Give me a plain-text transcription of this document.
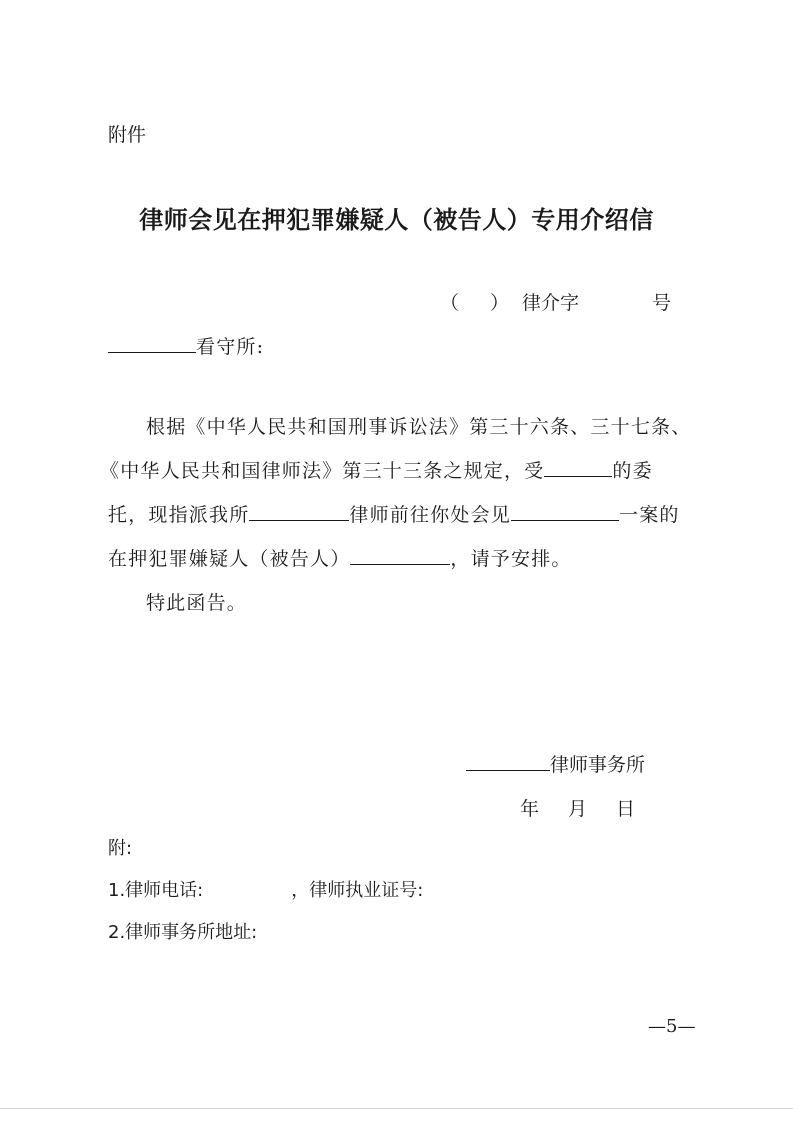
附件
律师会见在押犯罪嫌疑人（被告人）专用介绍信
（ ） 律介字	号
看守所:
根据《中华人民共和国刑事诉讼法》第三十六条、三十七条、
《中华人民共和国律师法》第三十三条之规定，受	的委
托，现指派我所	律师前往你处会见	一案的
在押犯罪嫌疑人（被告人）	，请予安排。
特此函告。
律师事务所
年 月 日
附:
1.律师电话:	，律师执业证号:
2.律师事务所地址:
—5—
